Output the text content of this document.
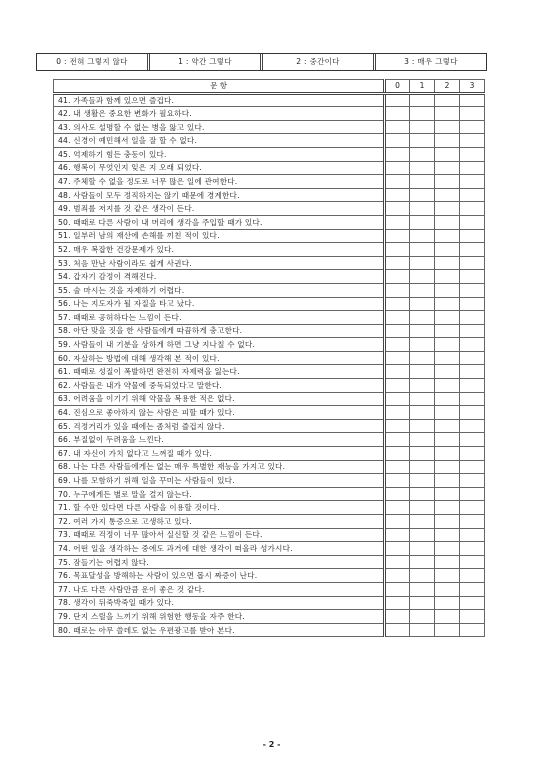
0 : 전혀 그렇지 않다	1 : 약간 그렇다	2 : 중간이다	3 : 매우 그렇다
문 항	0	1	2	3
41. 가족들과 함께 있으면 즐겁다.				
42. 내 생활은 중요한 변화가 필요하다.				
43. 의사도 설명할 수 없는 병을 앓고 있다.				
44. 신경이 예민해서 일을 잘 할 수 없다.				
45. 억제하기 힘든 충동이 있다.				
46. 행복이 무엇인지 잊은 지 오래 되었다.				
47. 주체할 수 없을 정도로 너무 많은 일에 관여한다.				
48. 사람들이 모두 정직하지는 않기 때문에 경계한다.				
49. 범죄를 저지를 것 같은 생각이 든다.				
50. 때때로 다른 사람이 내 머리에 생각을 주입할 때가 있다.				
51. 일부러 남의 재산에 손해를 끼친 적이 있다.				
52. 매우 복잡한 건강문제가 있다.				
53. 처음 만난 사람이라도 쉽게 사귄다.				
54. 갑자기 감정이 격해진다.				
55. 술 마시는 것을 자제하기 어렵다.				
56. 나는 지도자가 될 자질을 타고 났다.				
57. 때때로 공허하다는 느낌이 든다.				
58. 아단 맞을 짓을 한 사람들에게 따끔하게 충고한다.				
59. 사람들이 내 기분을 상하게 하면 그냥 지나칠 수 없다.				
60. 자살하는 방법에 대해 생각해 본 적이 있다.				
61. 때때로 성질이 폭발하면 완전히 자제력을 잃는다.				
62. 사람들은 내가 약물에 중독되었다고 말한다.				
63. 어려움을 이기기 위해 약물을 복용한 적은 없다.				
64. 진심으로 좋아하지 않는 사람은 피할 때가 있다.				
65. 걱정거리가 있을 때에는 좀처럼 즐겁지 않다.				
66. 부질없이 두려움을 느낀다.				
67. 내 자신이 가치 없다고 느껴질 때가 있다.				
68. 나는 다른 사람들에게는 없는 매우 특별한 재능을 가지고 있다.				
69. 나를 모함하기 위해 일을 꾸미는 사람들이 있다.				
70. 누구에게든 별로 말을 걸지 않는다.				
71. 할 수만 있다면 다른 사람을 이용할 것이다.				
72. 여러 가지 통증으로 고생하고 있다.				
73. 때때로 걱정이 너무 많아서 실신할 것 같은 느낌이 든다.				
74. 어떤 일을 생각하는 중에도 과거에 대한 생각이 떠올라 성가시다.				
75. 잠들기는 어렵지 않다.				
76. 목표달성을 방해하는 사람이 있으면 몹시 짜증이 난다.				
77. 나도 다른 사람만큼 운이 좋은 것 같다.				
78. 생각이 뒤죽박죽일 때가 있다.				
79. 단지 스릴을 느끼기 위해 위험한 행동을 자주 한다.				
80. 때로는 아무 쓸데도 없는 우편광고를 받아 본다.				
- 2 -
